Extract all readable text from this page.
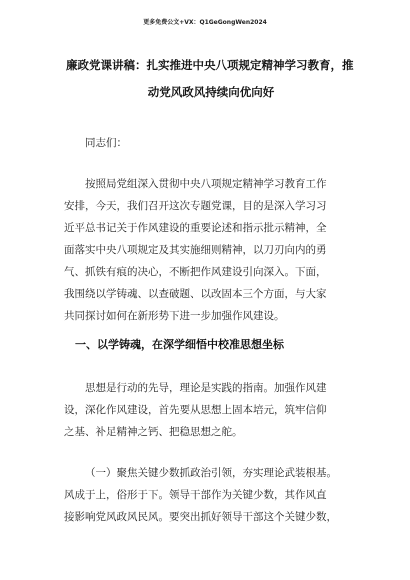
更多免费公文+VX：Q1GeGongWen2024
廉政党课讲稿：扎实推进中央八项规定精神学习教育，推
动党风政风持续向优向好
同志们：
按照局党组深入贯彻中央八项规定精神学习教育工作
安排，今天，我们召开这次专题党课，目的是深入学习习
近平总书记关于作风建设的重要论述和指示批示精神，全
面落实中央八项规定及其实施细则精神，以刀刃向内的勇
气、抓铁有痕的决心，不断把作风建设引向深入。下面，
我围绕以学铸魂、以查破题、以改固本三个方面，与大家
共同探讨如何在新形势下进一步加强作风建设。
一、以学铸魂，在深学细悟中校准思想坐标
思想是行动的先导，理论是实践的指南。加强作风建
设，深化作风建设，首先要从思想上固本培元，筑牢信仰
之基、补足精神之钙、把稳思想之舵。
（一）聚焦关键少数抓政治引领，夯实理论武装根基。
风成于上，俗形于下。领导干部作为关键少数，其作风直
接影响党风政风民风。要突出抓好领导干部这个关键少数，
